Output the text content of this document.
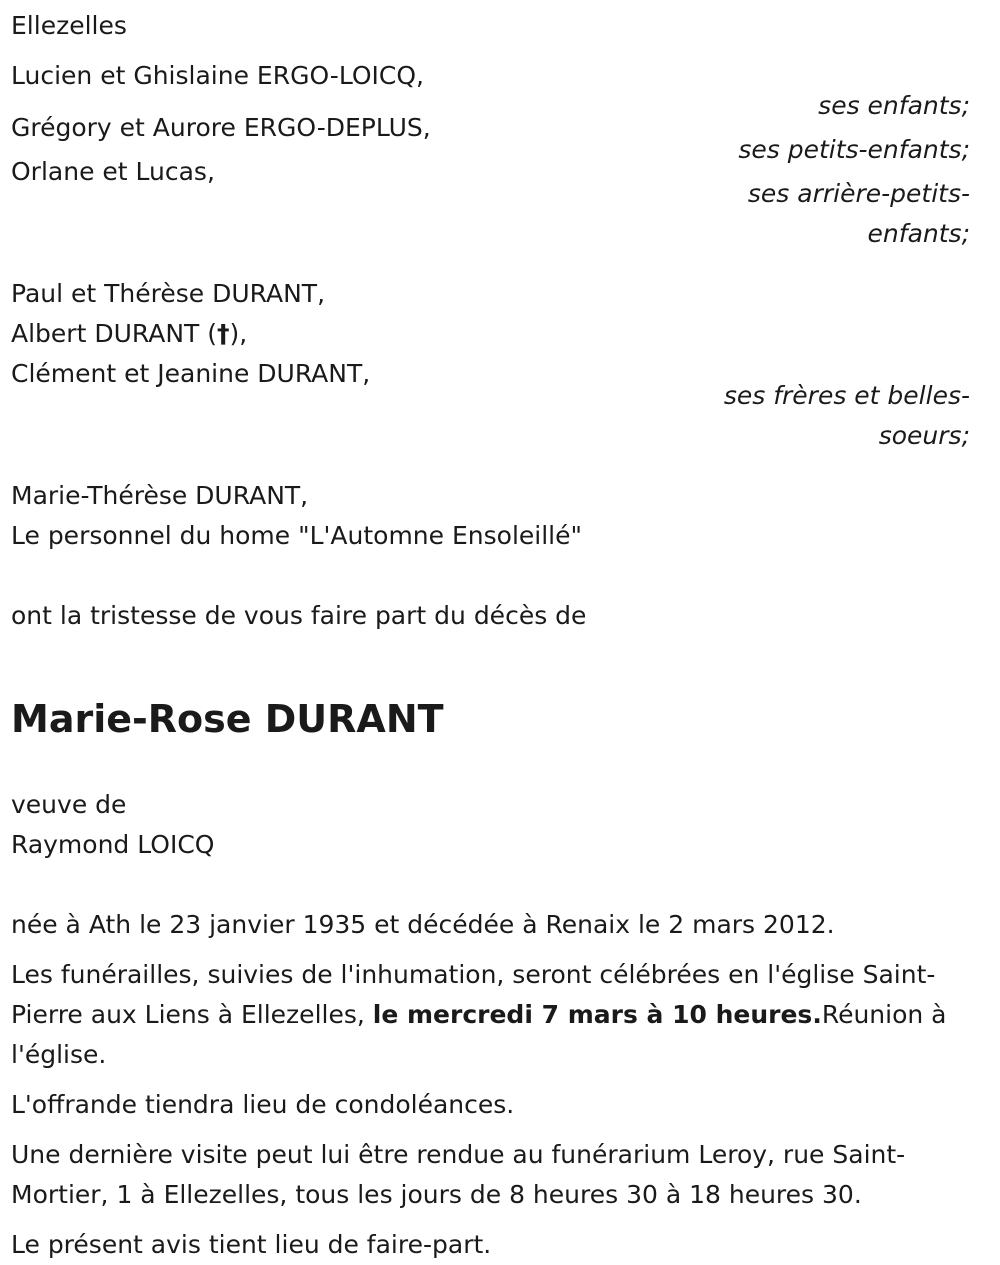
Ellezelles

Lucien et Ghislaine ERGO-LOICQ,

ses enfants;

Grégory et Aurore ERGO-DEPLUS,

ses petits-enfants;

Orlane et Lucas,

ses arrière-petits-

enfants;

Paul et Thérèse DURANT,

Albert DURANT (†),

Clément et Jeanine DURANT,

ses frères et belles-

soeurs;

Marie-Thérèse DURANT,

Le personnel du home "L'Automne Ensoleillé"

ont la tristesse de vous faire part du décès de

Marie-Rose DURANT

veuve de

Raymond LOICQ

née à Ath le 23 janvier 1935 et décédée à Renaix le 2 mars 2012.

Les funérailles, suivies de l'inhumation, seront célébrées en l'église Saint-

Pierre aux Liens à Ellezelles, le mercredi 7 mars à 10 heures.Réunion à

l'église.

L'offrande tiendra lieu de condoléances.

Une dernière visite peut lui être rendue au funérarium Leroy, rue Saint-

Mortier, 1 à Ellezelles, tous les jours de 8 heures 30 à 18 heures 30.

Le présent avis tient lieu de faire-part.
